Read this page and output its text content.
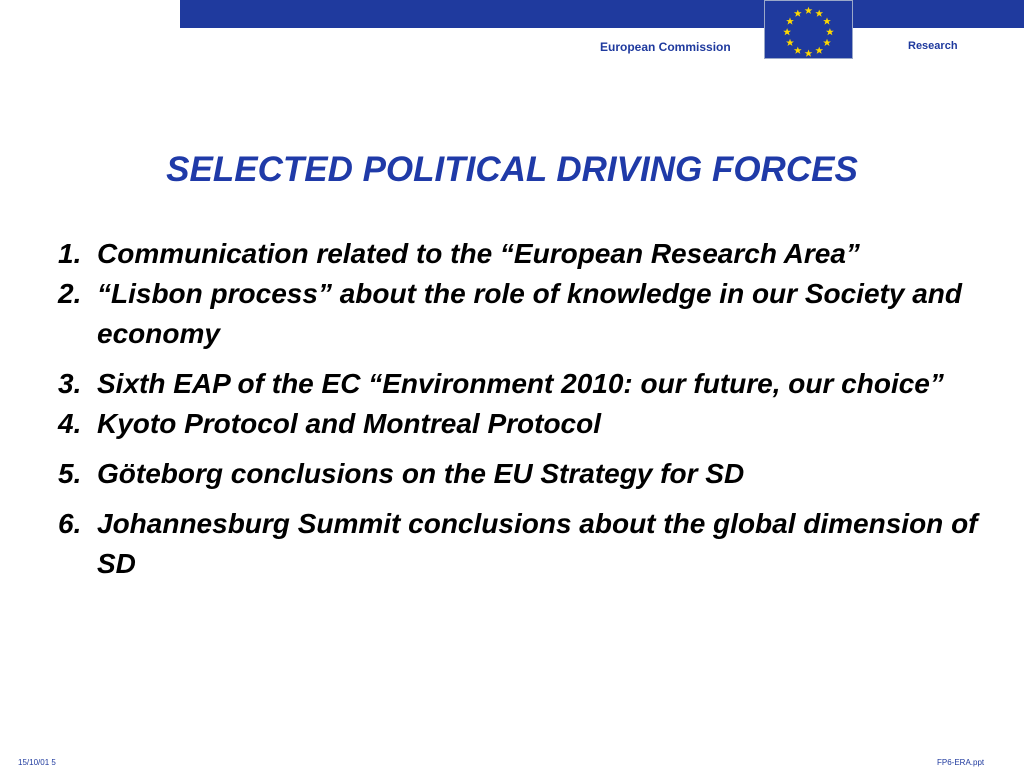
European Commission	Research
SELECTED POLITICAL DRIVING FORCES
1. Communication related to the “European Research Area”
2. “Lisbon process” about the role of knowledge in our Society and economy
3. Sixth EAP of the EC “Environment 2010: our future, our choice”
4. Kyoto Protocol and Montreal Protocol
5. Göteborg conclusions on the EU Strategy for SD
6. Johannesburg Summit conclusions about the global dimension of SD
15/10/01 5	FP6-ERA.ppt
